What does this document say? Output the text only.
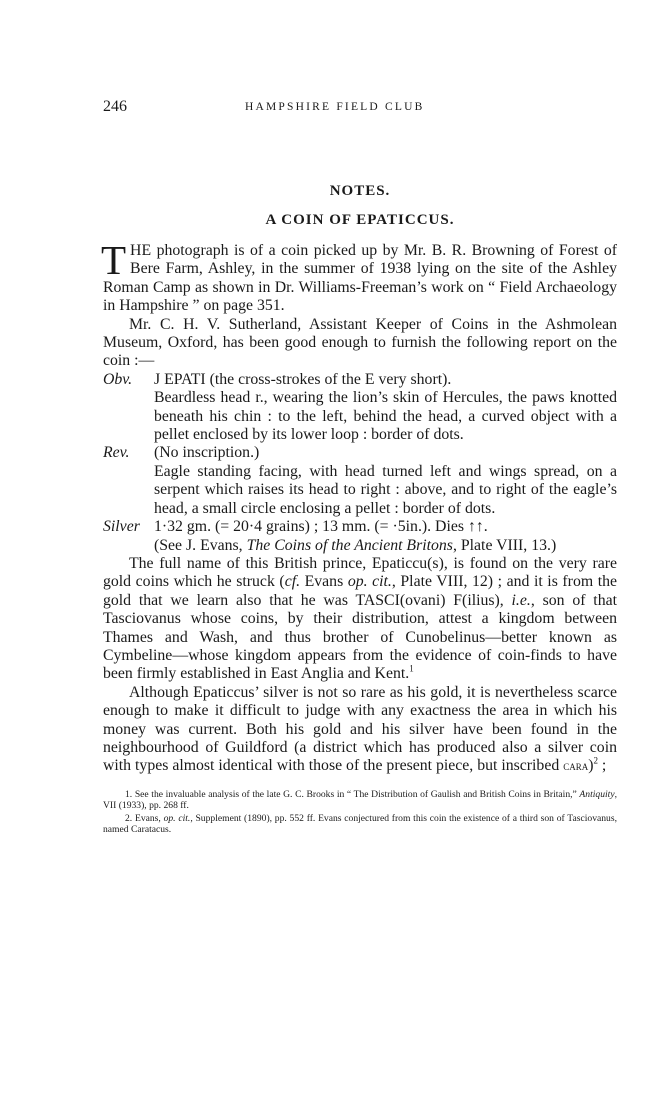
246	HAMPSHIRE FIELD CLUB
NOTES.
A COIN OF EPATICCUS.

THE photograph is of a coin picked up by Mr. B. R. Browning of Forest of Bere Farm, Ashley, in the summer of 1938 lying on the site of the Ashley Roman Camp as shown in Dr. Williams-Freeman’s work on “ Field Archaeology in Hampshire ” on page 351.

Mr. C. H. V. Sutherland, Assistant Keeper of Coins in the Ashmolean Museum, Oxford, has been good enough to furnish the following report on the coin :—

Obv.	J EPATI (the cross-strokes of the E very short).

Beardless head r., wearing the lion’s skin of Hercules, the paws knotted beneath his chin : to the left, behind the head, a curved object with a pellet enclosed by its lower loop : border of dots.

Rev.	(No inscription.)

Eagle standing facing, with head turned left and wings spread, on a serpent which raises its head to right : above, and to right of the eagle’s head, a small circle enclosing a pellet : border of dots.

Silver 1·32 gm. (= 20·4 grains) ; 13 mm. (= ·5in.). Dies ↑↑.

(See J. Evans, The Coins of the Ancient Britons, Plate VIII, 13.)

The full name of this British prince, Epaticcu(s), is found on the very rare gold coins which he struck (cf. Evans op. cit., Plate VIII, 12) ; and it is from the gold that we learn also that he was TASCI(ovani) F(ilius), i.e., son of that Tasciovanus whose coins, by their distribution, attest a kingdom between Thames and Wash, and thus brother of Cunobelinus—better known as Cymbeline—whose kingdom appears from the evidence of coin-finds to have been firmly established in East Anglia and Kent.$^1$

Although Epaticcus’ silver is not so rare as his gold, it is nevertheless scarce enough to make it difficult to judge with any exactness the area in which his money was current. Both his gold and his silver have been found in the neighbourhood of Guildford (a district which has produced also a silver coin with types almost identical with those of the present piece, but inscribed cara)$^2$ ;

1. See the invaluable analysis of the late G. C. Brooks in “ The Distribution of Gaulish and British Coins in Britain,” Antiquity, VII (1933), pp. 268 ff.

2. Evans, op. cit., Supplement (1890), pp. 552 ff. Evans conjectured from this coin the existence of a third son of Tasciovanus, named Caratacus.
